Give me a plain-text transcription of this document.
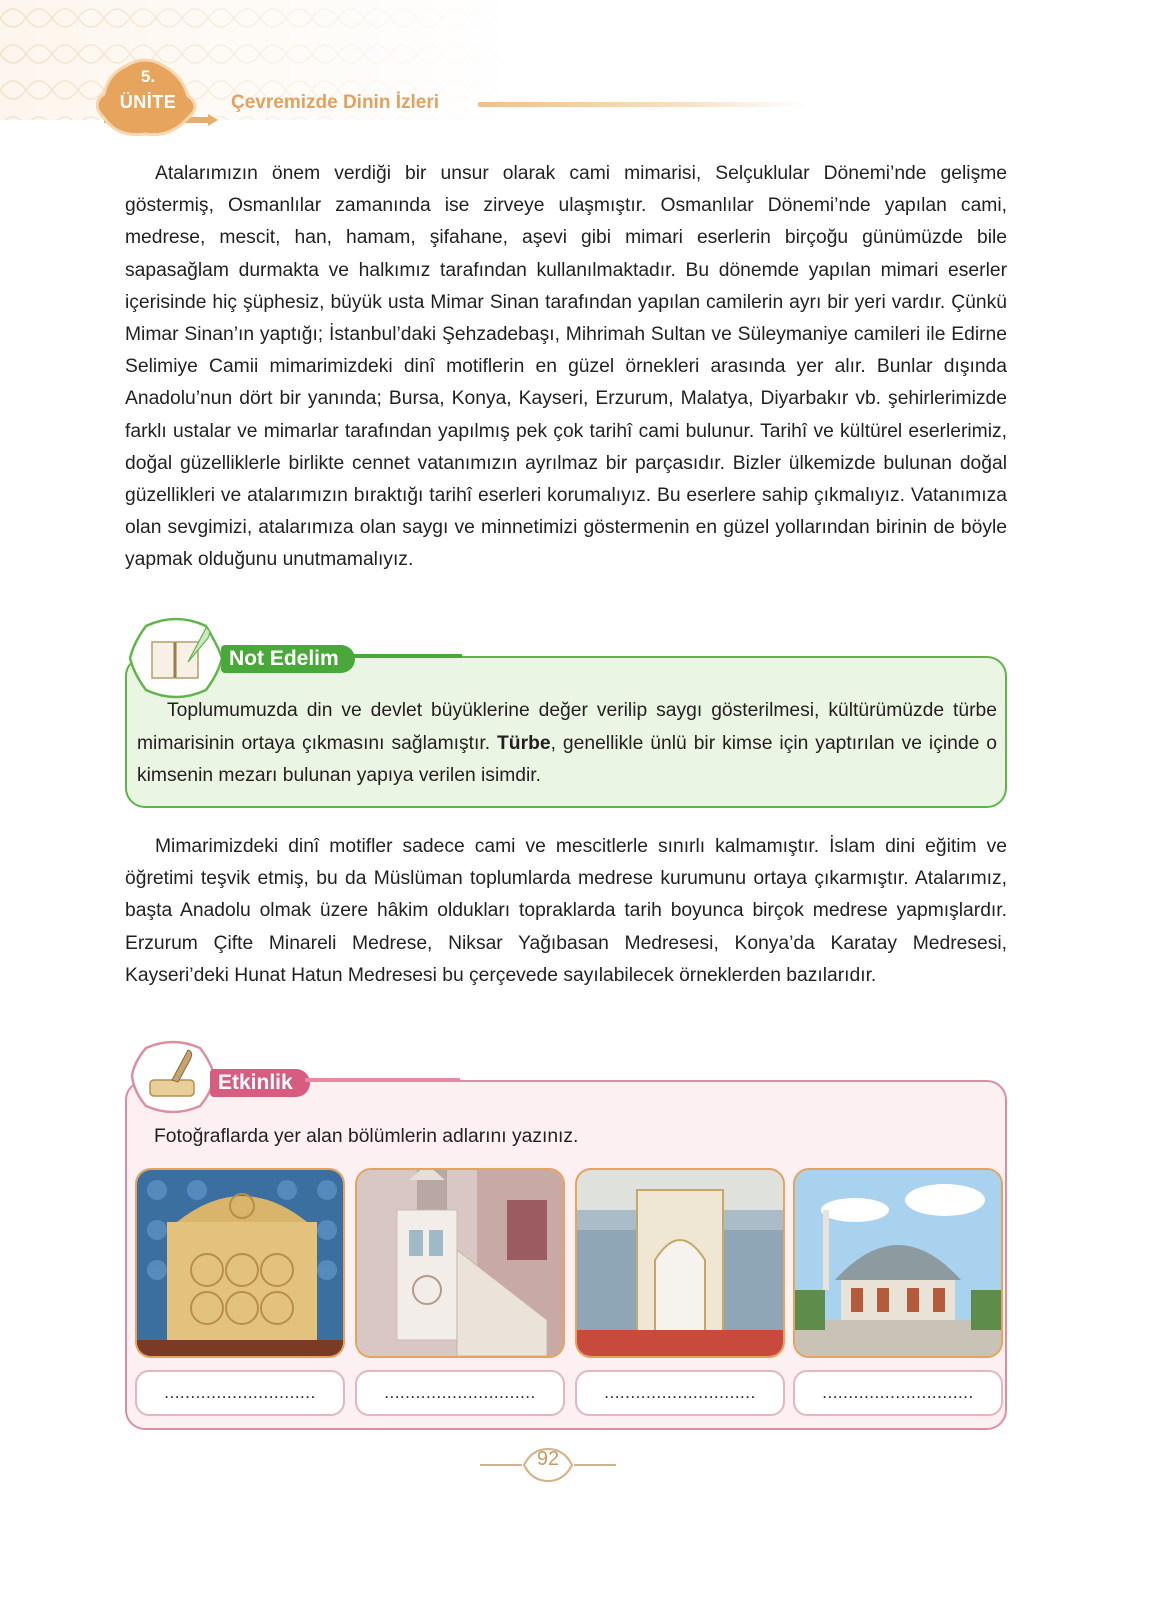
5.
ÜNİTE	Çevremizde Dinin İzleri

Atalarımızın önem verdiği bir unsur olarak cami mimarisi, Selçuklular Dönemi’nde gelişme göstermiş, Osmanlılar zamanında ise zirveye ulaşmıştır. Osmanlılar Dönemi’nde yapılan cami, medrese, mescit, han, hamam, şifahane, aşevi gibi mimari eserlerin birçoğu günümüzde bile sapasağlam durmakta ve halkımız tarafından kullanılmaktadır. Bu dönemde yapılan mimari eserler içerisinde hiç şüphesiz, büyük usta Mimar Sinan tarafından yapılan camilerin ayrı bir yeri vardır. Çünkü Mimar Sinan’ın yaptığı; İstanbul’daki Şehzadebaşı, Mihrimah Sultan ve Süleymaniye camileri ile Edirne Selimiye Camii mimarimizdeki dinî motiflerin en güzel örnekleri arasında yer alır. Bunlar dışında Anadolu’nun dört bir yanında; Bursa, Konya, Kayseri, Erzurum, Malatya, Diyarbakır vb. şehirlerimizde farklı ustalar ve mimarlar tarafından yapılmış pek çok tarihî cami bulunur. Tarihî ve kültürel eserlerimiz, doğal güzelliklerle birlikte cennet vatanımızın ayrılmaz bir parçasıdır. Bizler ülkemizde bulunan doğal güzellikleri ve atalarımızın bıraktığı tarihî eserleri korumalıyız. Bu eserlere sahip çıkmalıyız. Vatanımıza olan sevgimizi, atalarımıza olan saygı ve minnetimizi göstermenin en güzel yollarından birinin de böyle yapmak olduğunu unutmamalıyız.

Not Edelim

Toplumumuzda din ve devlet büyüklerine değer verilip saygı gösterilmesi, kültürümüzde türbe mimarisinin ortaya çıkmasını sağlamıştır. Türbe, genellikle ünlü bir kimse için yaptırılan ve içinde o kimsenin mezarı bulunan yapıya verilen isimdir.

Mimarimizdeki dinî motifler sadece cami ve mescitlerle sınırlı kalmamıştır. İslam dini eğitim ve öğretimi teşvik etmiş, bu da Müslüman toplumlarda medrese kurumunu ortaya çıkarmıştır. Atalarımız, başta Anadolu olmak üzere hâkim oldukları topraklarda tarih boyunca birçok medrese yapmışlardır. Erzurum Çifte Minareli Medrese, Niksar Yağıbasan Medresesi, Konya’da Karatay Medresesi, Kayseri’deki Hunat Hatun Medresesi bu çerçevede sayılabilecek örneklerden bazılarıdır.

Etkinlik
Fotoğraflarda yer alan bölümlerin adlarını yazınız.
.............................	.............................	.............................	.............................
92
